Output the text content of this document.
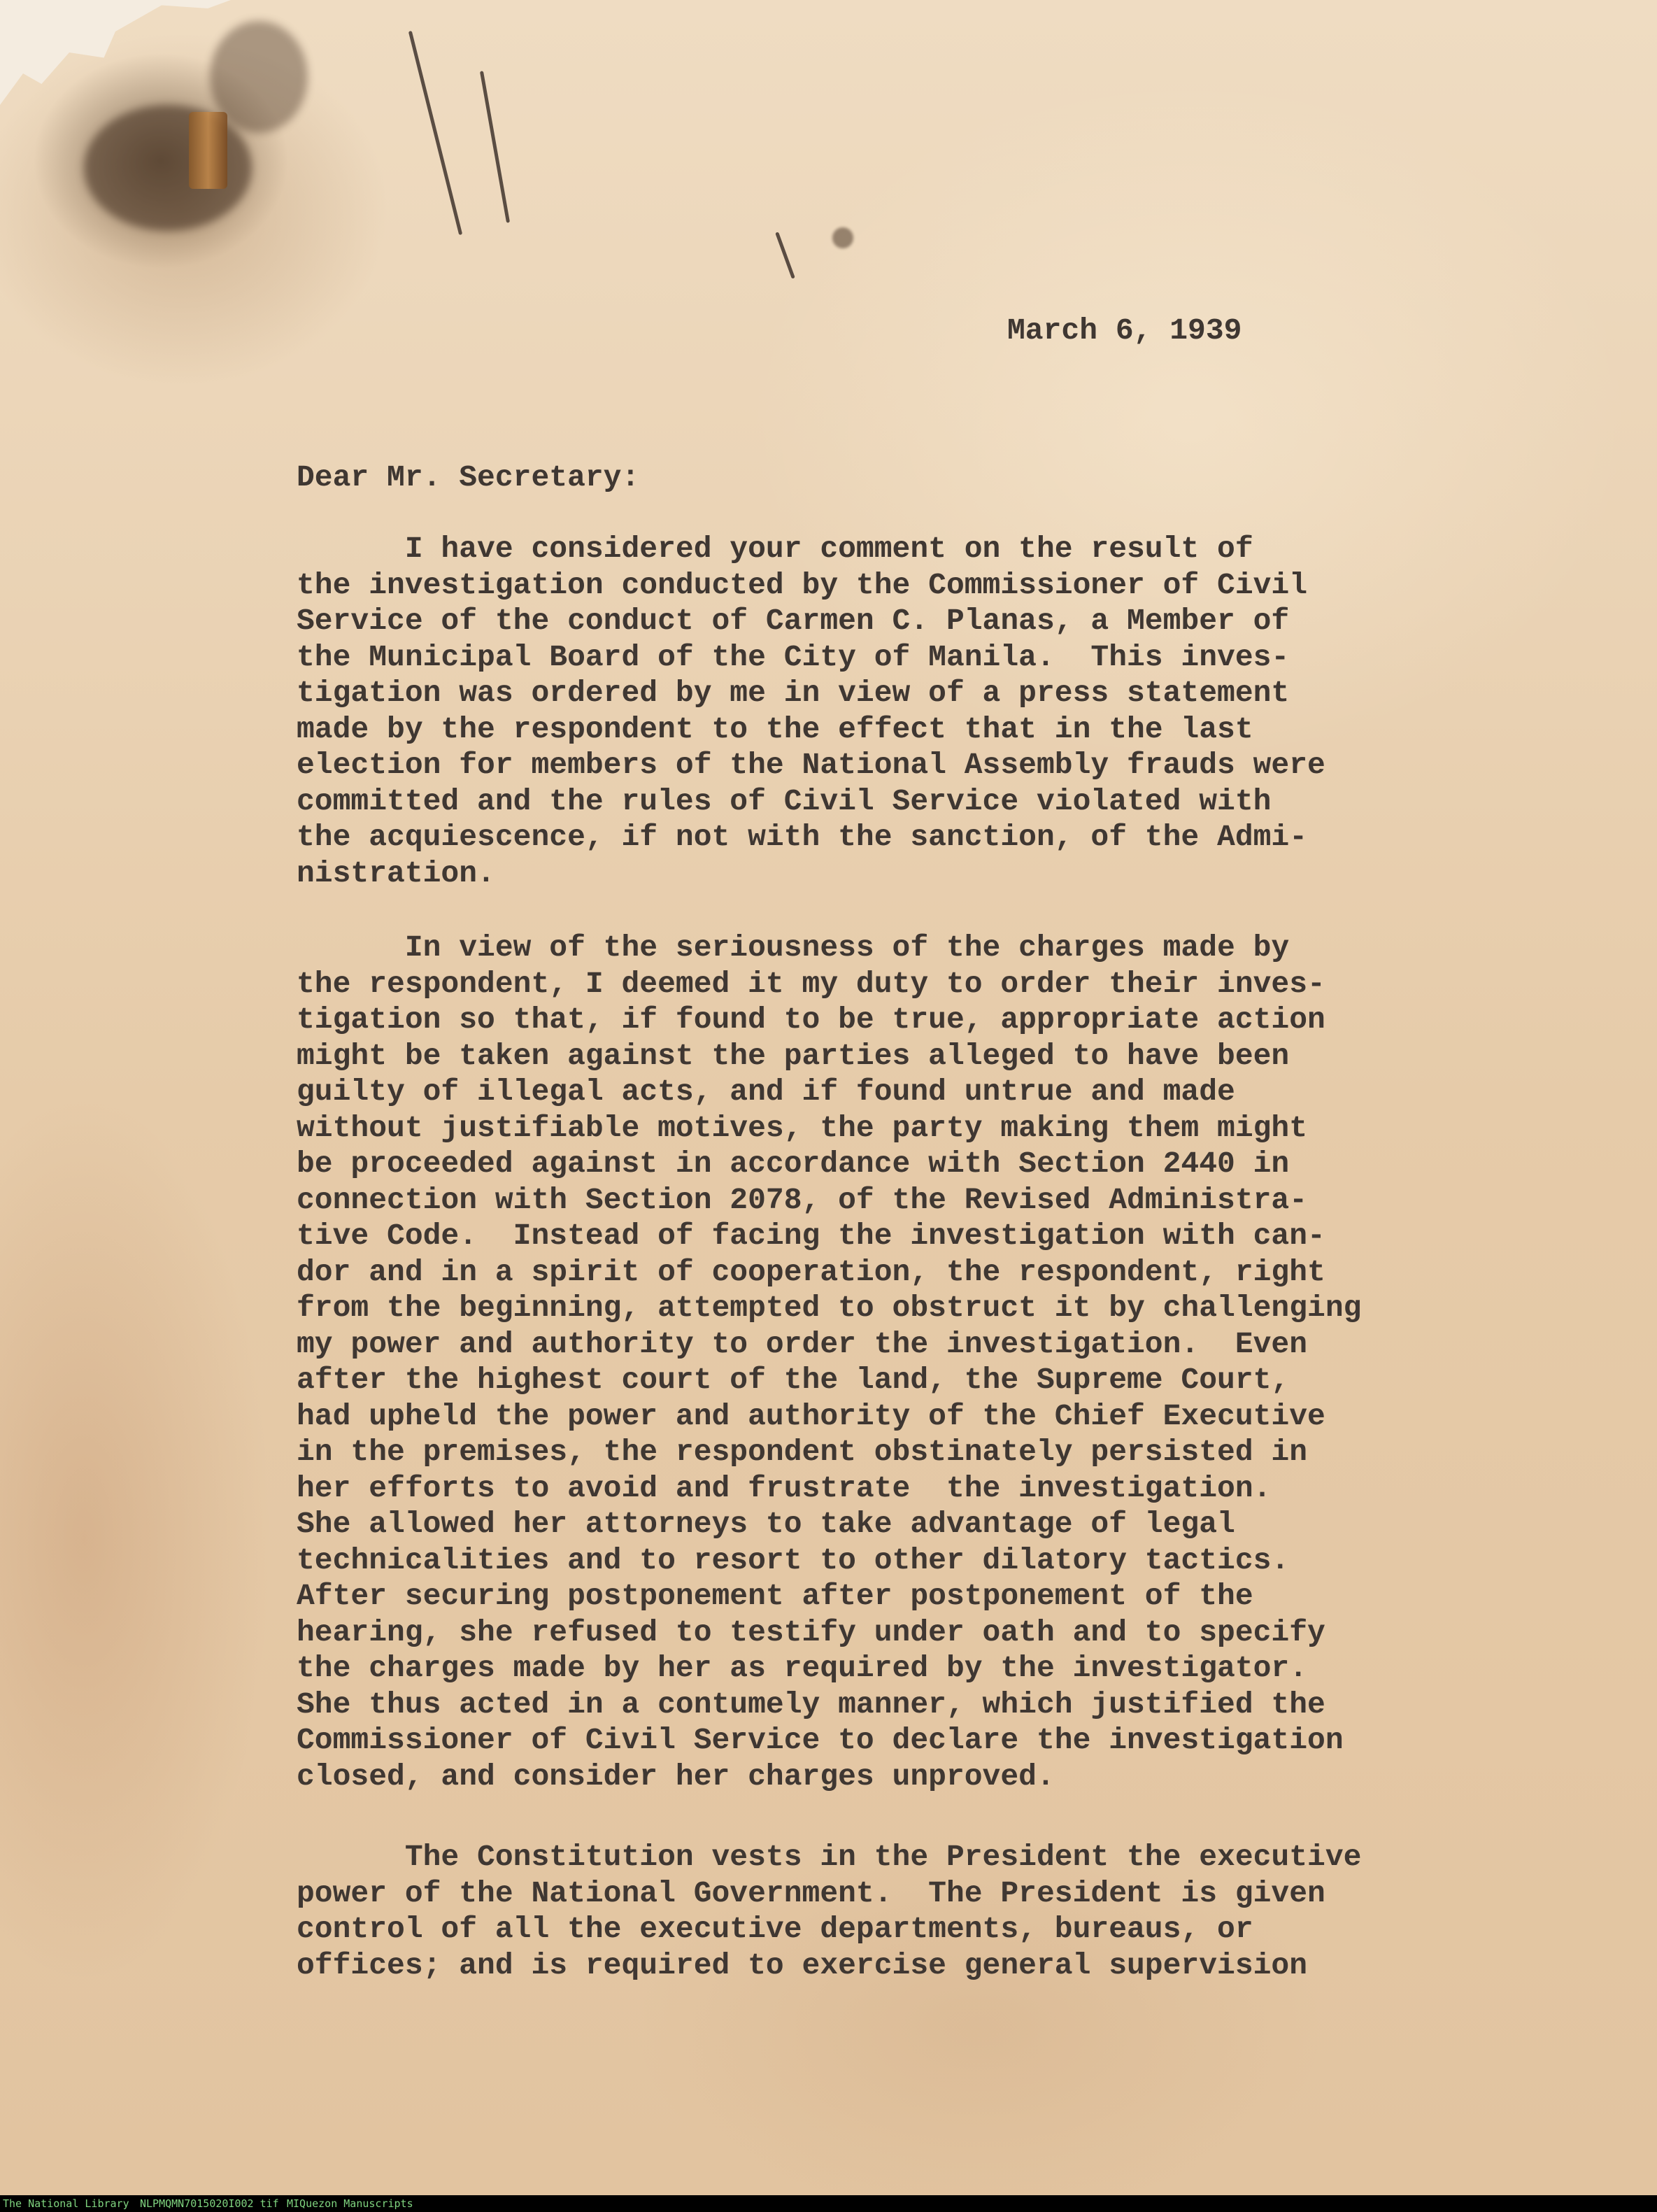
March 6, 1939
Dear Mr. Secretary:
I have considered your comment on the result of
the investigation conducted by the Commissioner of Civil
Service of the conduct of Carmen C. Planas, a Member of
the Municipal Board of the City of Manila.  This inves-
tigation was ordered by me in view of a press statement
made by the respondent to the effect that in the last
election for members of the National Assembly frauds were
committed and the rules of Civil Service violated with
the acquiescence, if not with the sanction, of the Admi-
nistration.
In view of the seriousness of the charges made by
the respondent, I deemed it my duty to order their inves-
tigation so that, if found to be true, appropriate action
might be taken against the parties alleged to have been
guilty of illegal acts, and if found untrue and made
without justifiable motives, the party making them might
be proceeded against in accordance with Section 2440 in
connection with Section 2078, of the Revised Administra-
tive Code.  Instead of facing the investigation with can-
dor and in a spirit of cooperation, the respondent, right
from the beginning, attempted to obstruct it by challenging
my power and authority to order the investigation.  Even
after the highest court of the land, the Supreme Court,
had upheld the power and authority of the Chief Executive
in the premises, the respondent obstinately persisted in
her efforts to avoid and frustrate  the investigation.
She allowed her attorneys to take advantage of legal
technicalities and to resort to other dilatory tactics.
After securing postponement after postponement of the
hearing, she refused to testify under oath and to specify
the charges made by her as required by the investigator.
She thus acted in a contumely manner, which justified the
Commissioner of Civil Service to declare the investigation
closed, and consider her charges unproved.
The Constitution vests in the President the executive
power of the National Government.  The President is given
control of all the executive departments, bureaus, or
offices; and is required to exercise general supervision
The National Library NLPMQMN7015020I002 tif MIQuezon Manuscripts
